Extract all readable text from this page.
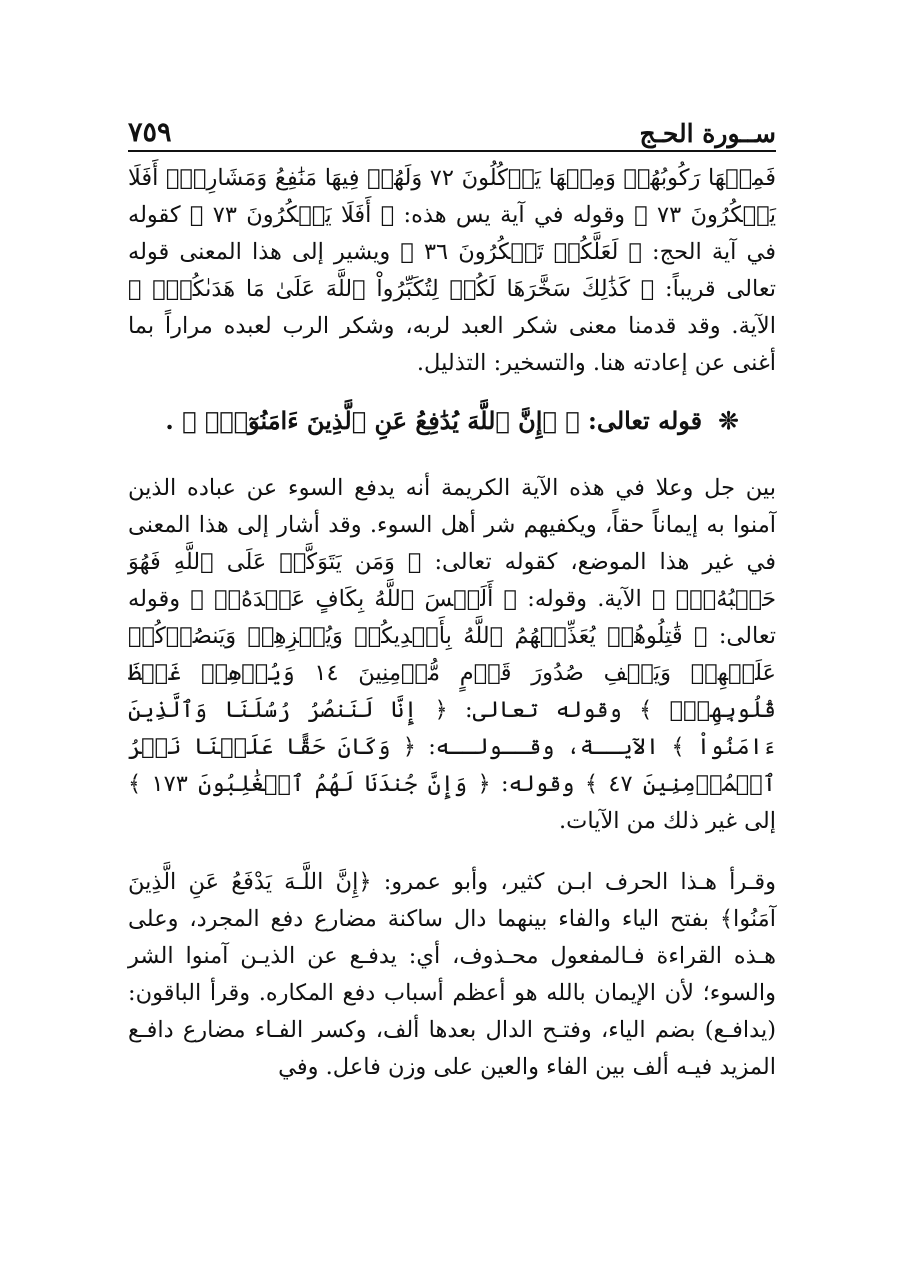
ســورة الحـج
٧٥٩

فَمِنۡهَا رَكُوبُهُمۡ وَمِنۡهَا يَأۡكُلُونَ ٧٢ وَلَهُمۡ فِيهَا مَنَٰفِعُ وَمَشَارِبُۚ أَفَلَا يَشۡكُرُونَ ٧٣ ﴾ وقوله في آية يس هذه: ﴿ أَفَلَا يَشۡكُرُونَ ٧٣ ﴾ كقوله في آية الحج: ﴿ لَعَلَّكُمۡ تَشۡكُرُونَ ٣٦ ﴾ ويشير إلى هذا المعنى قوله تعالى قريباً: ﴿ كَذَٰلِكَ سَخَّرَهَا لَكُمۡ لِتُكَبِّرُواْ ٱللَّهَ عَلَىٰ مَا هَدَىٰكُمۡۗ ﴾ الآية. وقد قدمنا معنى شكر العبد لربه، وشكر الرب لعبده مراراً بما أغنى عن إعادته هنا. والتسخير: التذليل.

❊ قوله تعالى: ﴿ ۞إِنَّ ٱللَّهَ يُدَٰفِعُ عَنِ ٱلَّذِينَ ءَامَنُوٓاْۗ ﴾ .

بين جل وعلا في هذه الآية الكريمة أنه يدفع السوء عن عباده الذين آمنوا به إيماناً حقاً، ويكفيهم شر أهل السوء. وقد أشار إلى هذا المعنى في غير هذا الموضع، كقوله تعالى: ﴿ وَمَن يَتَوَكَّلۡ عَلَى ٱللَّهِ فَهُوَ حَسۡبُهُۥٓۚ ﴾ الآية. وقوله: ﴿ أَلَيۡسَ ٱللَّهُ بِكَافٍ عَبۡدَهُۥۖ ﴾ وقوله تعالى: ﴿ قَٰتِلُوهُمۡ يُعَذِّبۡهُمُ ٱللَّهُ بِأَيۡدِيكُمۡ وَيُخۡزِهِمۡ وَيَنصُرۡكُمۡ عَلَيۡهِمۡ وَيَشۡفِ صُدُورَ قَوۡمٍ مُّؤۡمِنِينَ ١٤ وَيُذۡهِبۡ غَيۡظَ قُلُوبِهِمۡۗ ﴾ وقوله تعالى: ﴿ إِنَّا لَنَنصُرُ رُسُلَنَا وَٱلَّذِينَ ءَامَنُواْ ﴾ الآيــة، وقــولــه: ﴿ وَكَانَ حَقًّا عَلَيۡنَا نَصۡرُ ٱلۡمُؤۡمِنِينَ ٤٧ ﴾ وقوله: ﴿ وَإِنَّ جُندَنَا لَهُمُ ٱلۡغَٰلِبُونَ ١٧٣ ﴾ إلى غير ذلك من الآيات.

وقـرأ هـذا الحرف ابـن كثير، وأبو عمرو: ﴿إِنَّ اللَّـهَ يَدْفَعُ عَنِ الَّذِينَ آمَنُوا﴾ بفتح الياء والفاء بينهما دال ساكنة مضارع دفع المجرد، وعلى هـذه القراءة فـالمفعول محـذوف، أي: يدفـع عن الذيـن آمنوا الشر والسوء؛ لأن الإيمان بالله هو أعظم أسباب دفع المكاره. وقرأ الباقون: (يدافـع) بضم الياء، وفتـح الدال بعدها ألف، وكسر الفـاء مضارع دافـع المزيد فيـه ألف بين الفاء والعين على وزن فاعل. وفي
